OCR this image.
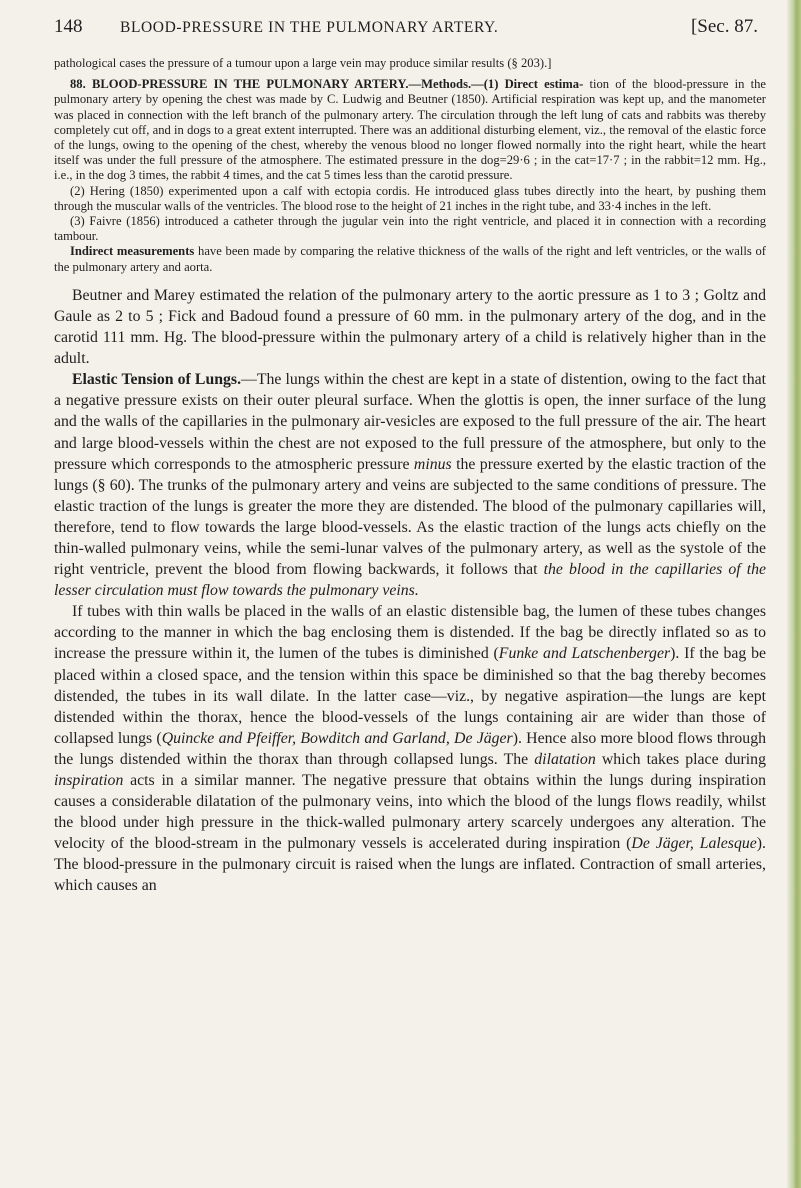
148 BLOOD-PRESSURE IN THE PULMONARY ARTERY.	[Sec. 87.

pathological cases the pressure of a tumour upon a large vein may produce similar results (§ 203).]

88. BLOOD-PRESSURE IN THE PULMONARY ARTERY.—Methods.—(1) Direct estima- tion of the blood-pressure in the pulmonary artery by opening the chest was made by C. Ludwig and Beutner (1850). Artificial respiration was kept up, and the manometer was placed in connection with the left branch of the pulmonary artery. The circulation through the left lung of cats and rabbits was thereby completely cut off, and in dogs to a great extent interrupted. There was an additional disturbing element, viz., the removal of the elastic force of the lungs, owing to the opening of the chest, whereby the venous blood no longer flowed normally into the right heart, while the heart itself was under the full pressure of the atmosphere. The estimated pressure in the dog=29·6 ; in the cat=17·7 ; in the rabbit=12 mm. Hg., i.e., in the dog 3 times, the rabbit 4 times, and the cat 5 times less than the carotid pressure.

(2) Hering (1850) experimented upon a calf with ectopia cordis. He introduced glass tubes directly into the heart, by pushing them through the muscular walls of the ventricles. The blood rose to the height of 21 inches in the right tube, and 33·4 inches in the left.

(3) Faivre (1856) introduced a catheter through the jugular vein into the right ventricle, and placed it in connection with a recording tambour.

Indirect measurements have been made by comparing the relative thickness of the walls of the right and left ventricles, or the walls of the pulmonary artery and aorta.

Beutner and Marey estimated the relation of the pulmonary artery to the aortic pressure as 1 to 3 ; Goltz and Gaule as 2 to 5 ; Fick and Badoud found a pressure of 60 mm. in the pulmonary artery of the dog, and in the carotid 111 mm. Hg. The blood-pressure within the pulmonary artery of a child is relatively higher than in the adult.

Elastic Tension of Lungs.—The lungs within the chest are kept in a state of distention, owing to the fact that a negative pressure exists on their outer pleural surface. When the glottis is open, the inner surface of the lung and the walls of the capillaries in the pulmonary air-vesicles are exposed to the full pressure of the air. The heart and large blood-vessels within the chest are not exposed to the full pressure of the atmosphere, but only to the pressure which corresponds to the atmospheric pressure minus the pressure exerted by the elastic traction of the lungs (§ 60). The trunks of the pulmonary artery and veins are subjected to the same conditions of pressure. The elastic traction of the lungs is greater the more they are distended. The blood of the pulmonary capillaries will, therefore, tend to flow towards the large blood-vessels. As the elastic traction of the lungs acts chiefly on the thin-walled pulmonary veins, while the semi-lunar valves of the pulmonary artery, as well as the systole of the right ventricle, prevent the blood from flowing backwards, it follows that the blood in the capillaries of the lesser circulation must flow towards the pulmonary veins.

If tubes with thin walls be placed in the walls of an elastic distensible bag, the lumen of these tubes changes according to the manner in which the bag enclosing them is distended. If the bag be directly inflated so as to increase the pressure within it, the lumen of the tubes is diminished (Funke and Latschenberger). If the bag be placed within a closed space, and the tension within this space be diminished so that the bag thereby becomes distended, the tubes in its wall dilate. In the latter case—viz., by negative aspiration—the lungs are kept distended within the thorax, hence the blood-vessels of the lungs containing air are wider than those of collapsed lungs (Quincke and Pfeiffer, Bowditch and Garland, De Jäger). Hence also more blood flows through the lungs distended within the thorax than through collapsed lungs. The dilatation which takes place during inspiration acts in a similar manner. The negative pressure that obtains within the lungs during inspiration causes a considerable dilatation of the pulmonary veins, into which the blood of the lungs flows readily, whilst the blood under high pressure in the thick-walled pulmonary artery scarcely undergoes any alteration. The velocity of the blood-stream in the pulmonary vessels is accelerated during inspiration (De Jäger, Lalesque). The blood-pressure in the pulmonary circuit is raised when the lungs are inflated. Contraction of small arteries, which causes an
